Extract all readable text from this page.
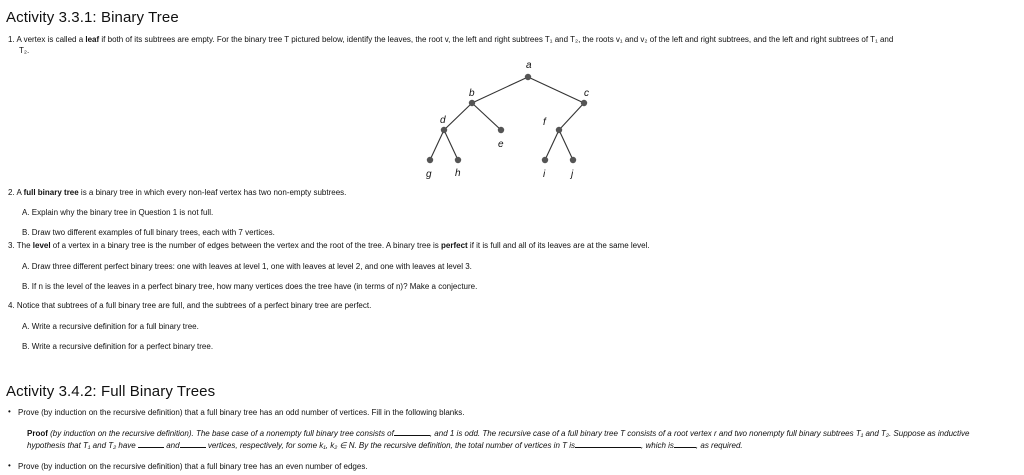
Activity 3.3.1: Binary Tree
1. A vertex is called a leaf if both of its subtrees are empty. For the binary tree T pictured below, identify the leaves, the root v, the left and right subtrees T₁ and T₂, the roots v₁ and v₂ of the left and right subtrees, and the left and right subtrees of T₁ and
T₂.
a
b	c
d
e
f
g h	i	j
2. A full binary tree is a binary tree in which every non-leaf vertex has two non-empty subtrees.
A. Explain why the binary tree in Question 1 is not full.
B. Draw two different examples of full binary trees, each with 7 vertices.
3. The level of a vertex in a binary tree is the number of edges between the vertex and the root of the tree. A binary tree is perfect if it is full and all of its leaves are at the same level.
A. Draw three different perfect binary trees: one with leaves at level 1, one with leaves at level 2, and one with leaves at level 3.
B. If n is the level of the leaves in a perfect binary tree, how many vertices does the tree have (in terms of n)? Make a conjecture.
4. Notice that subtrees of a full binary tree are full, and the subtrees of a perfect binary tree are perfect.
A. Write a recursive definition for a full binary tree.
B. Write a recursive definition for a perfect binary tree.
Activity 3.4.2: Full Binary Trees
• Prove (by induction on the recursive definition) that a full binary tree has an odd number of vertices. Fill in the following blanks.
Proof (by induction on the recursive definition). The base case of a nonempty full binary tree consists of	, and 1 is odd. The recursive case of a full binary tree T consists of a root vertex r and two nonempty full binary subtrees T₁ and T₂. Suppose as inductive
hypothesis that T₁ and T₂ have	and	vertices, respectively, for some k₁, k₂ ∈ N. By the recursive definition, the total number of vertices in T is	, which is	, as required.
• Prove (by induction on the recursive definition) that a full binary tree has an even number of edges.
